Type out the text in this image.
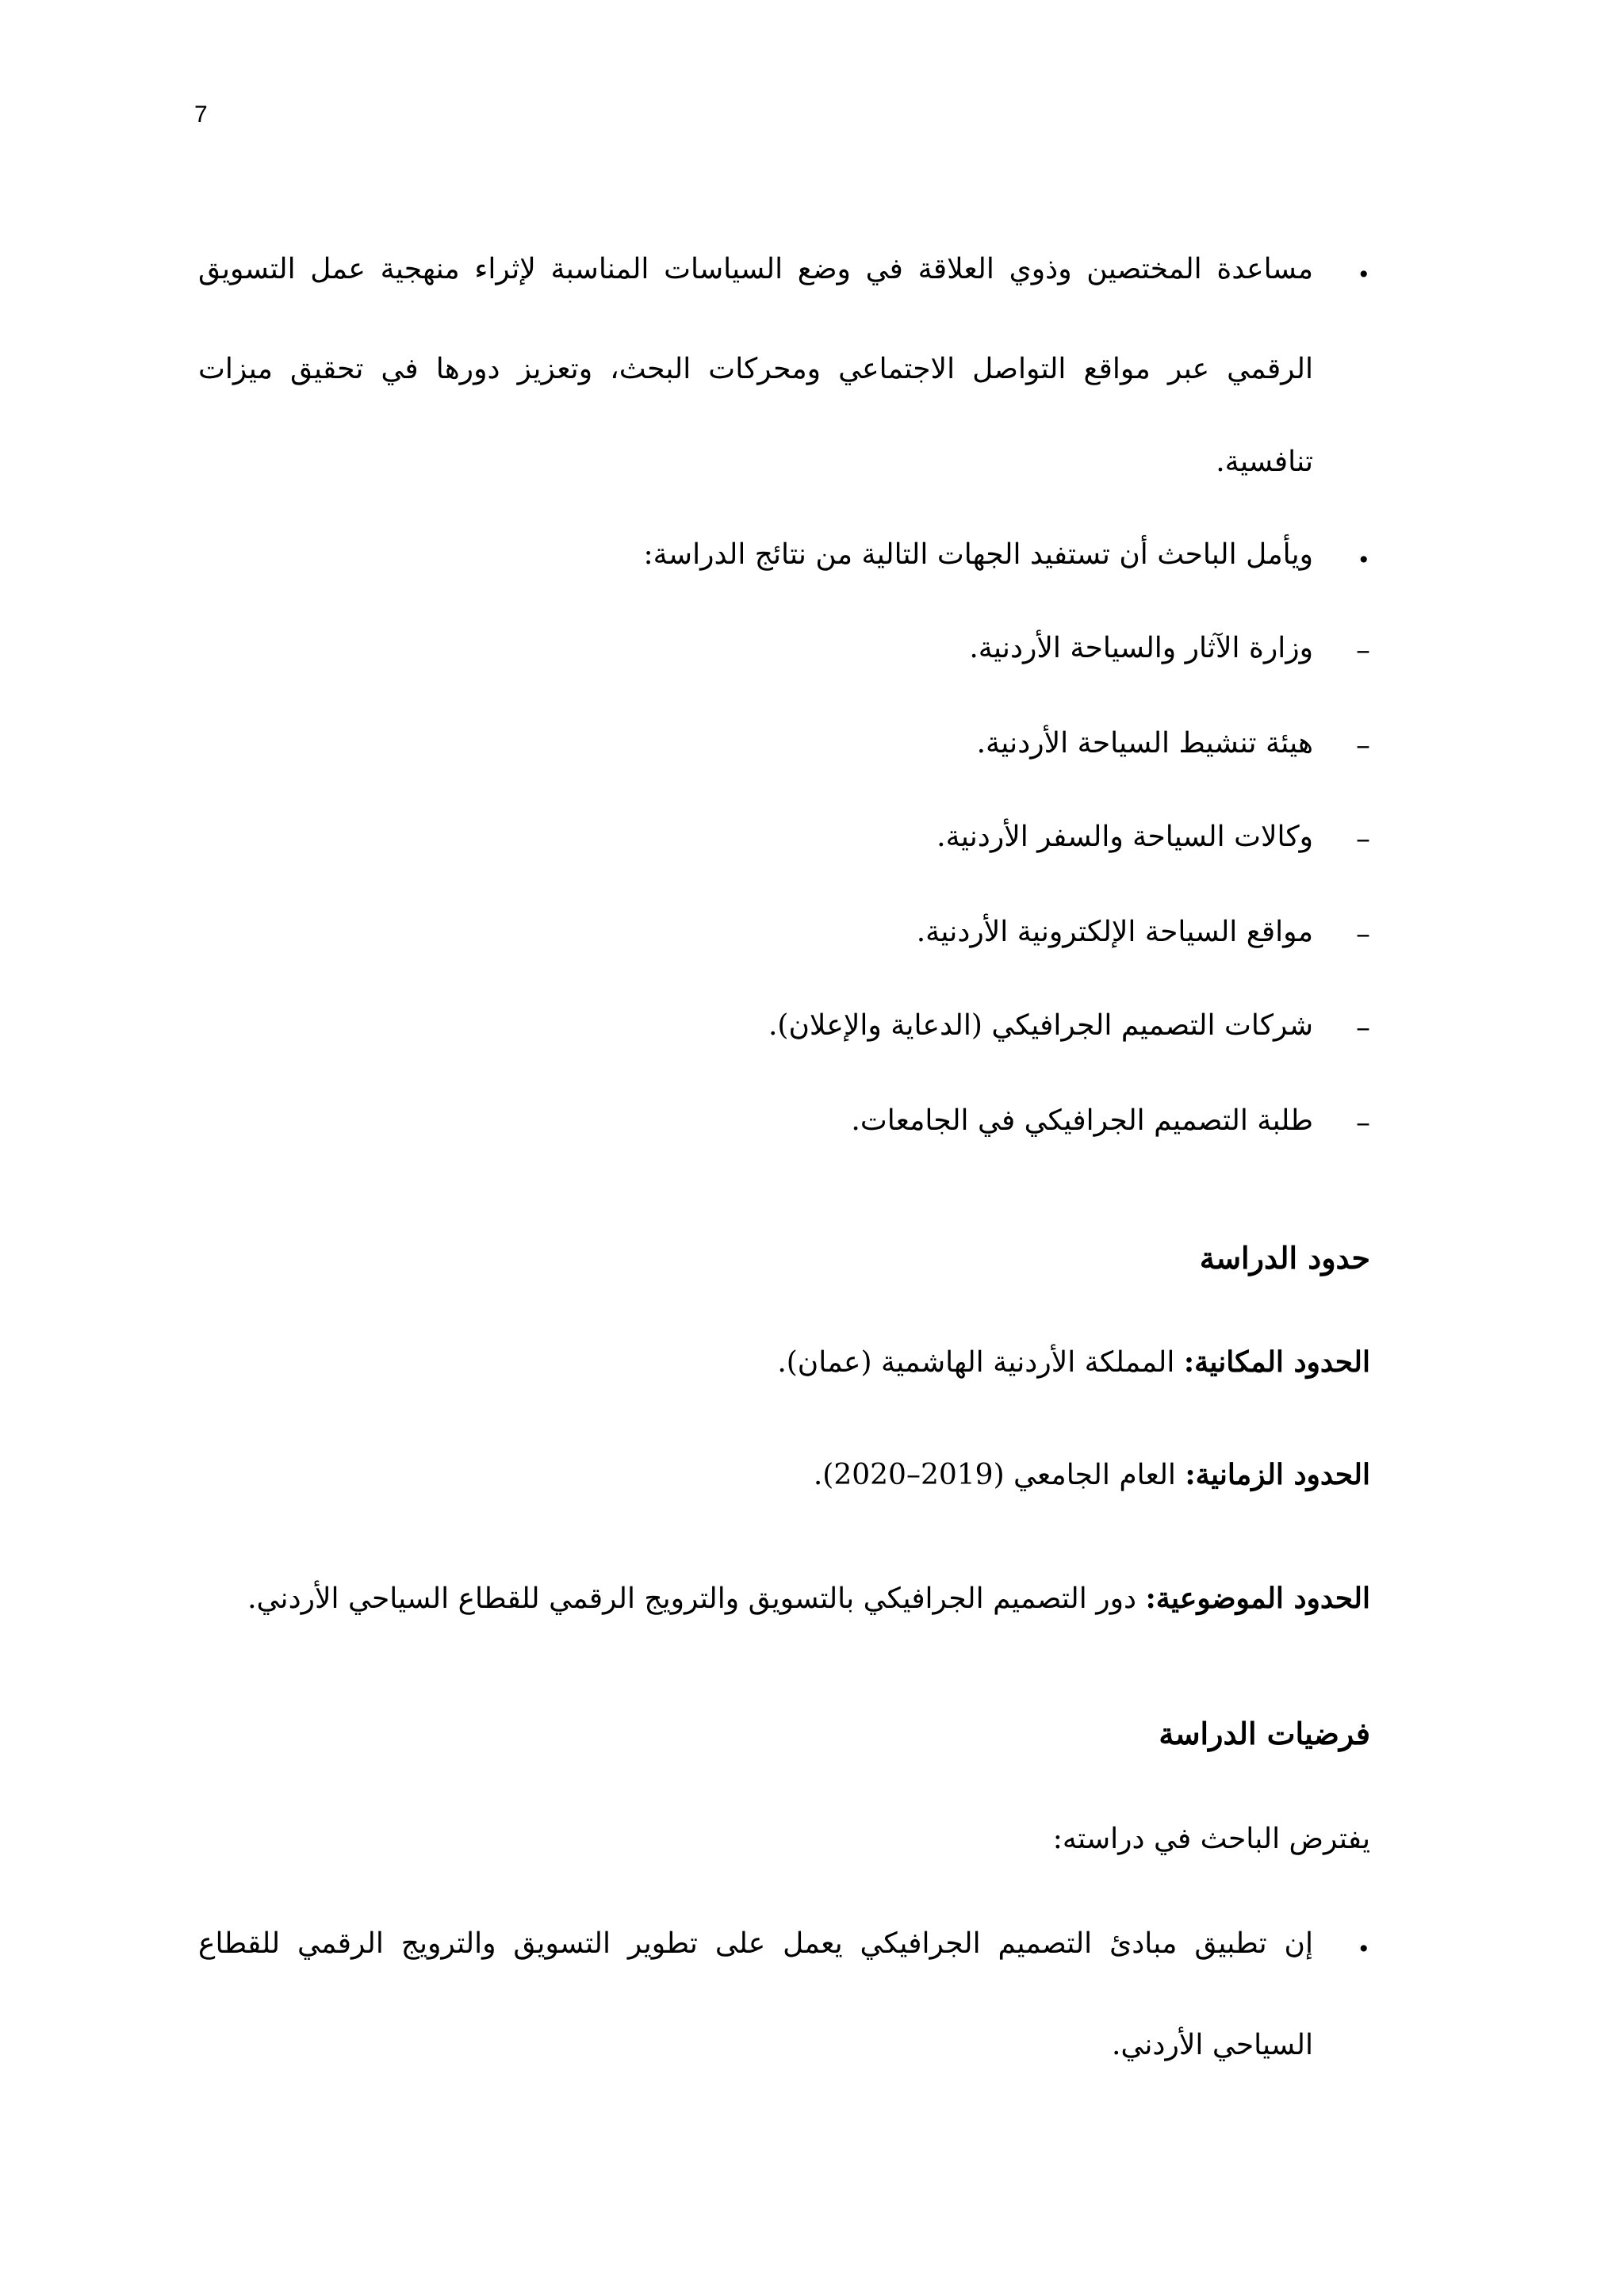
7
•
مساعدة المختصين وذوي العلاقة في وضع السياسات المناسبة لإثراء منهجية عمل التسويق
الرقمي عبر مواقع التواصل الاجتماعي ومحركات البحث، وتعزيز دورها في تحقيق ميزات
تنافسية.
•
ويأمل الباحث أن تستفيد الجهات التالية من نتائج الدراسة:
–
وزارة الآثار والسياحة الأردنية.
–
هيئة تنشيط السياحة الأردنية.
–
وكالات السياحة والسفر الأردنية.
–
مواقع السياحة الإلكترونية الأردنية.
–
شركات التصميم الجرافيكي (الدعاية والإعلان).
–
طلبة التصميم الجرافيكي في الجامعات.
حدود الدراسة
الحدود المكانية: المملكة الأردنية الهاشمية (عمان).
الحدود الزمانية: العام الجامعي (2019–2020).
الحدود الموضوعية: دور التصميم الجرافيكي بالتسويق والترويج الرقمي للقطاع السياحي الأردني.
فرضيات الدراسة
يفترض الباحث في دراسته:
•
إن تطبيق مبادئ التصميم الجرافيكي يعمل على تطوير التسويق والترويج الرقمي للقطاع
السياحي الأردني.
